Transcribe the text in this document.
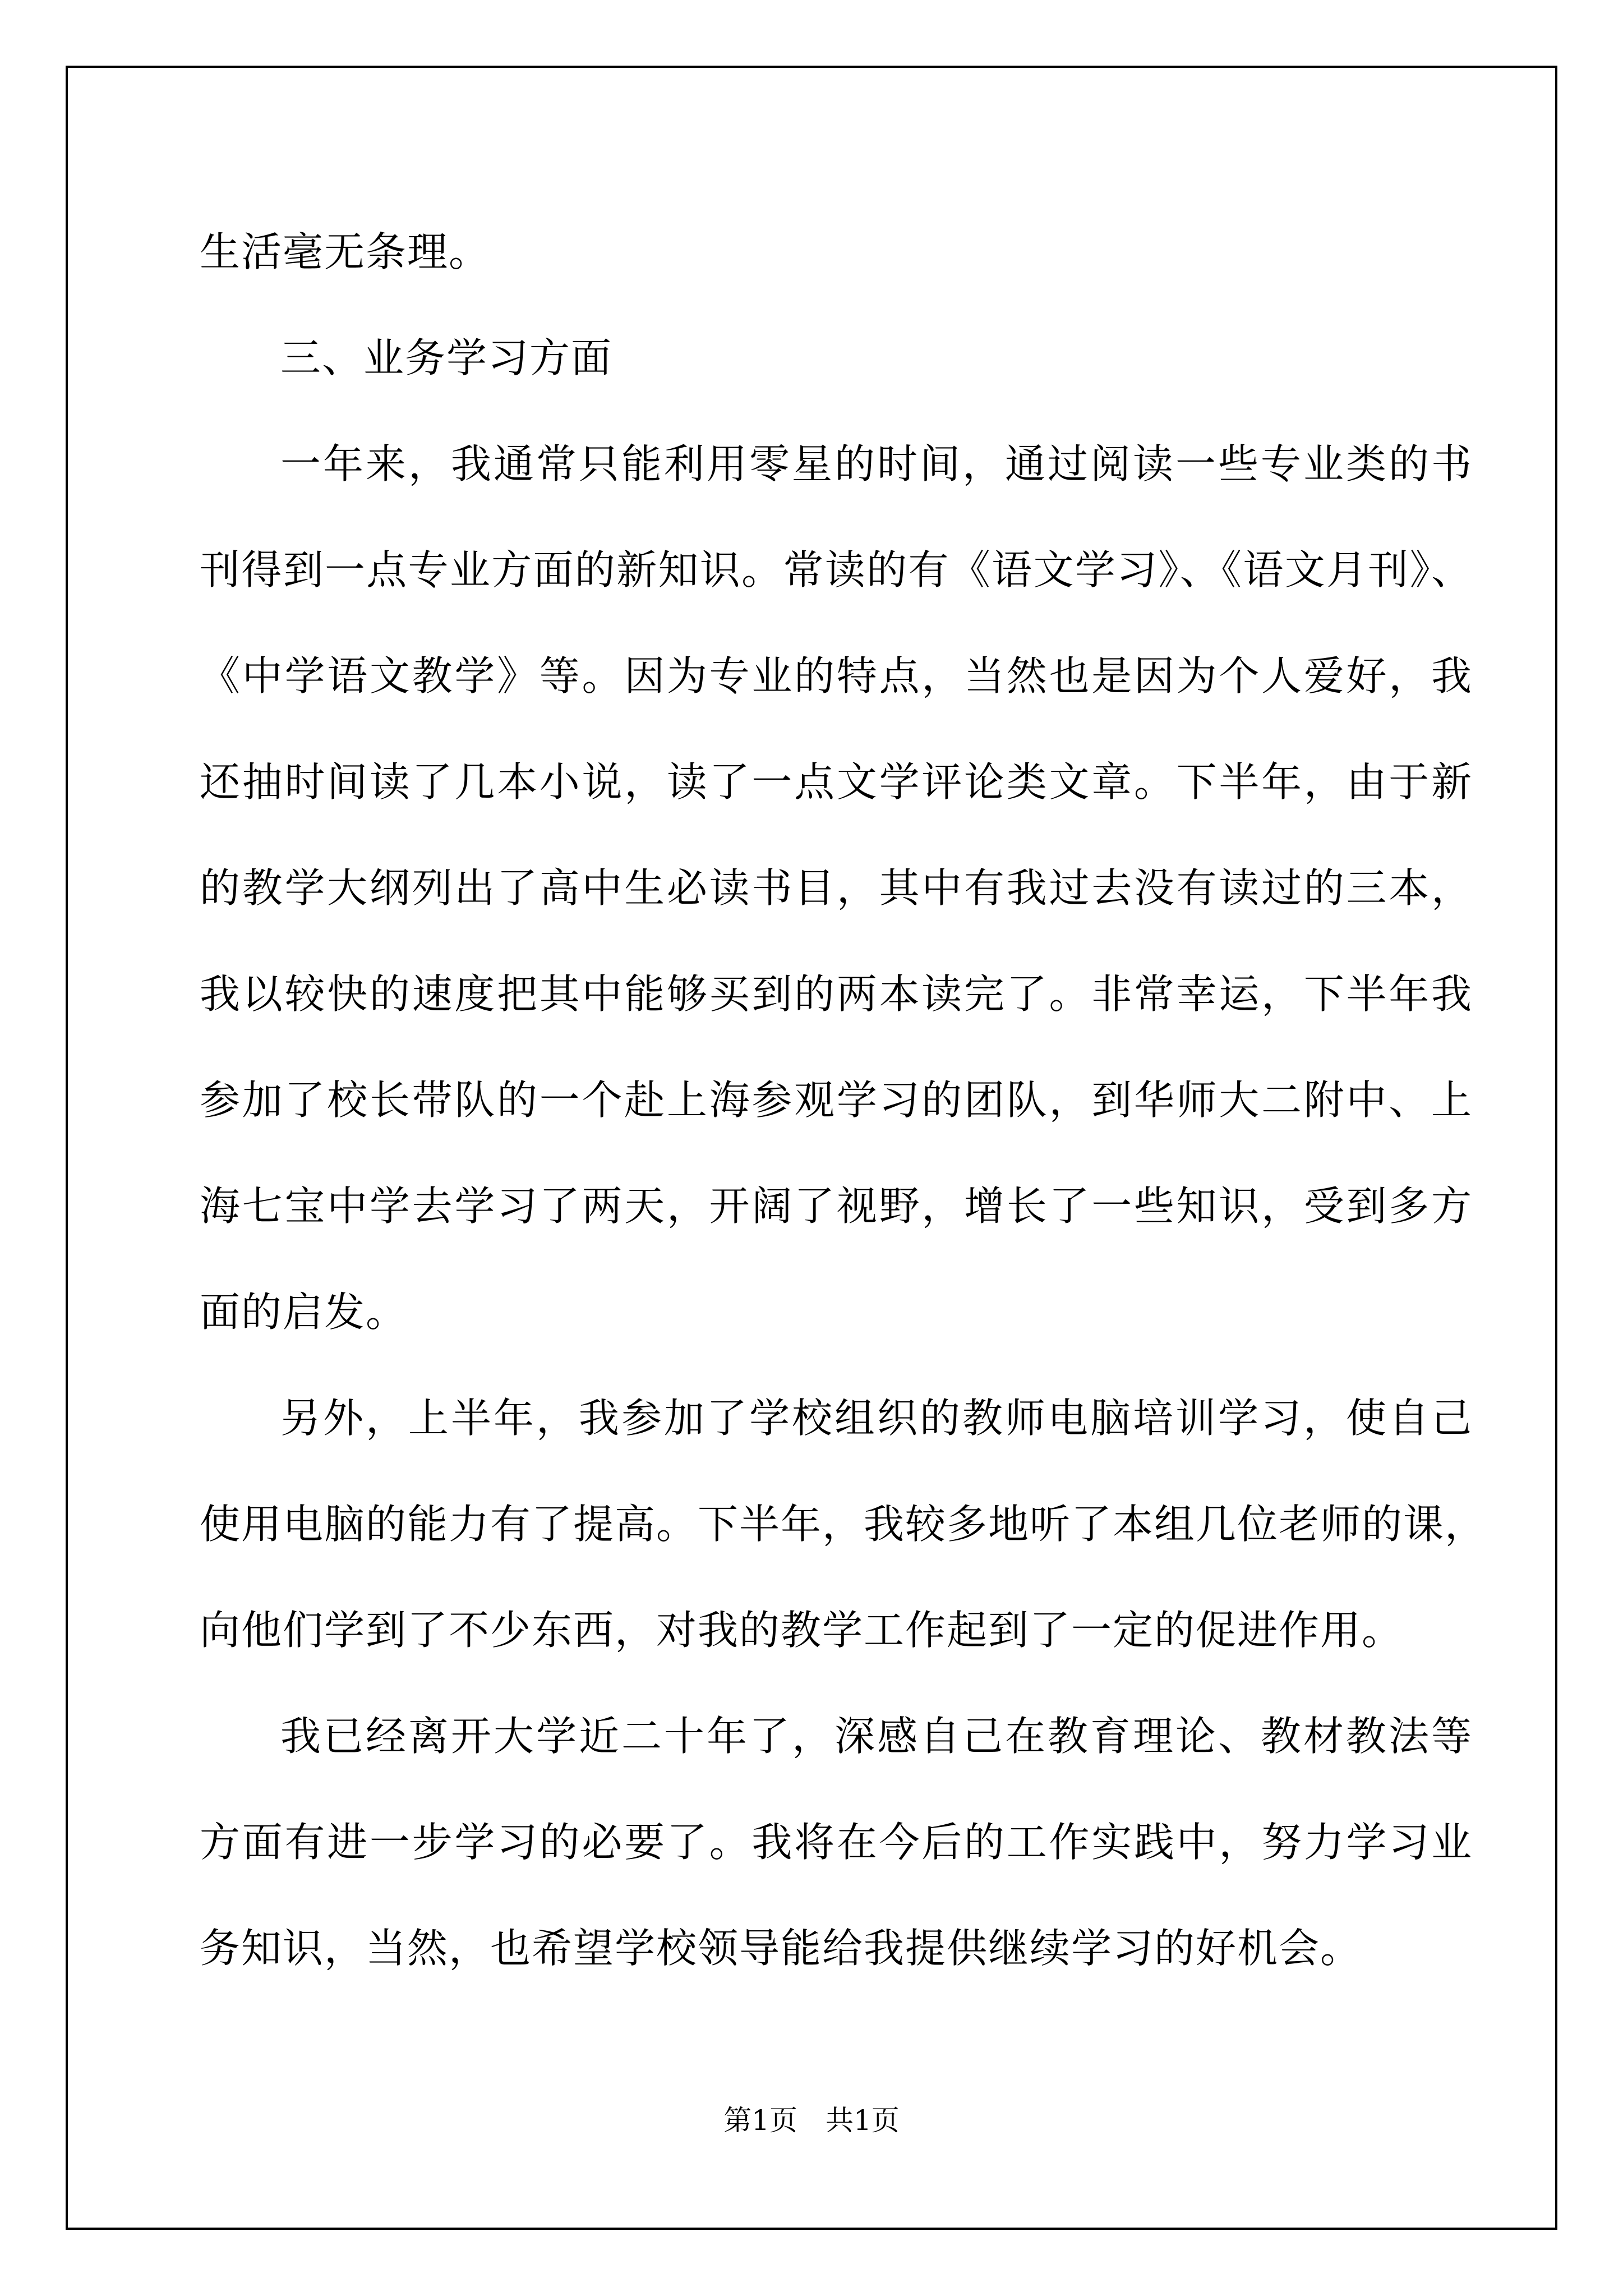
生活毫无条理。
三、业务学习方面
一年来，我通常只能利用零星的时间，通过阅读一些专业类的书
刊得到一点专业方面的新知识。常读的有《语文学习》、《语文月刊》、
《中学语文教学》等。因为专业的特点，当然也是因为个人爱好，我
还抽时间读了几本小说，读了一点文学评论类文章。下半年，由于新
的教学大纲列出了高中生必读书目，其中有我过去没有读过的三本，
我以较快的速度把其中能够买到的两本读完了。非常幸运，下半年我
参加了校长带队的一个赴上海参观学习的团队，到华师大二附中、上
海七宝中学去学习了两天，开阔了视野，增长了一些知识，受到多方
面的启发。
另外，上半年，我参加了学校组织的教师电脑培训学习，使自己
使用电脑的能力有了提高。下半年，我较多地听了本组几位老师的课，
向他们学到了不少东西，对我的教学工作起到了一定的促进作用。
我已经离开大学近二十年了，深感自己在教育理论、教材教法等
方面有进一步学习的必要了。我将在今后的工作实践中，努力学习业
务知识，当然，也希望学校领导能给我提供继续学习的好机会。
第1页 共1页
